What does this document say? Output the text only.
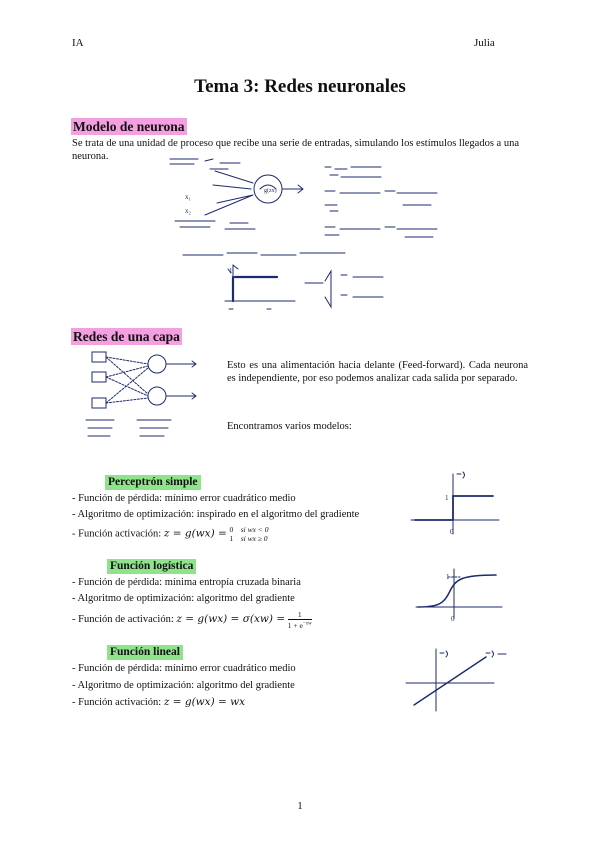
IA	Julia
Tema 3: Redes neuronales
Modelo de neurona
Se trata de una unidad de proceso que recibe una serie de entradas, simulando los estímulos llegados a una neurona.
x₁
x₂
g(zx)
1
Redes de una capa
Esto es una alimentación hacia delante (Feed-forward). Cada neurona es independiente, por eso podemos analizar cada salida por separado.
Encontramos varios modelos:
Perceptrón simple
- Función de pérdida: mínimo error cuadrático medio
- Algoritmo de optimización: inspirado en el algoritmo del gradiente
- Función activación: z = g(wx) = 0 si wx < 0
1 si wx ≥ 0
1
0
Función logística
- Función de pérdida: mínima entropía cruzada binaria
- Algoritmo de optimización: algoritmo del gradiente
- Función de activación: $z = g(wx) = \sigma(xw) = \frac{1}{1 + e^{-xw}}$
1
0
Función lineal
- Función de pérdida: mínimo error cuadrático medio
- Algoritmo de optimización: algoritmo del gradiente
- Función activación: z = g(wx) = wx
1
